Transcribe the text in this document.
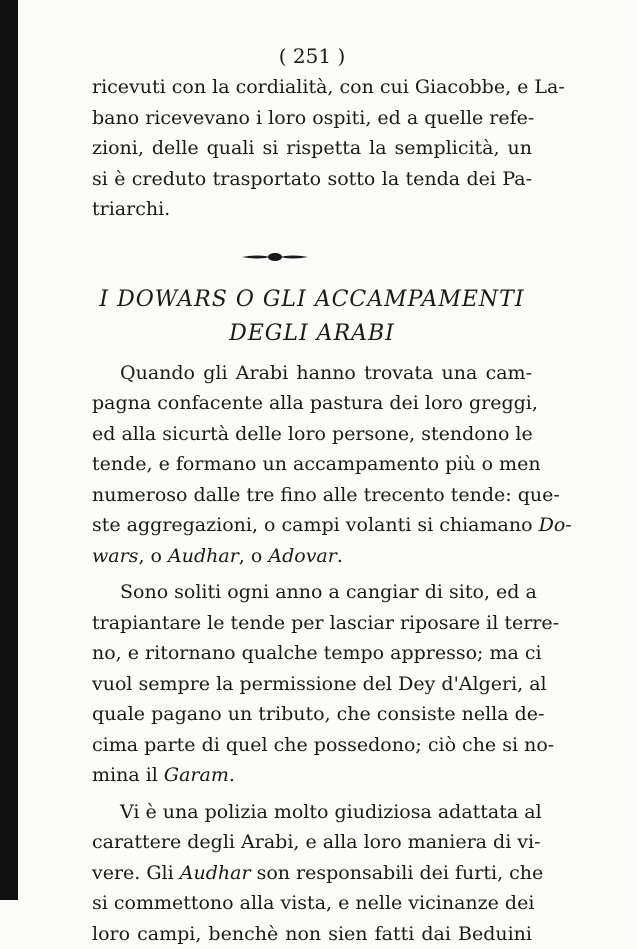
( 251 )

ricevuti con la cordialità, con cui Giacobbe, e La-
bano ricevevano i loro ospiti, ed a quelle refe-
zioni, delle quali si rispetta la semplicità, un
si è creduto trasportato sotto la tenda dei Pa-
triarchi.
I DOWARS O GLI ACCAMPAMENTI
DEGLI ARABI
Quando gli Arabi hanno trovata una cam-
pagna confacente alla pastura dei loro greggi,
ed alla sicurtà delle loro persone, stendono le
tende, e formano un accampamento più o men
numeroso dalle tre fino alle trecento tende: que-
ste aggregazioni, o campi volanti si chiamano Do-
wars, o Audhar, o Adovar.
Sono soliti ogni anno a cangiar di sito, ed a
trapiantare le tende per lasciar riposare il terre-
no, e ritornano qualche tempo appresso; ma ci
vuol sempre la permissione del Dey d'Algeri, al
quale pagano un tributo, che consiste nella de-
cima parte di quel che possedono; ciò che si no-
mina il Garam.
Vi è una polizia molto giudiziosa adattata al
carattere degli Arabi, e alla loro maniera di vi-
vere. Gli Audhar son responsabili dei furti, che
si commettono alla vista, e nelle vicinanze dei
loro campi, benchè non sien fatti dai Beduini
